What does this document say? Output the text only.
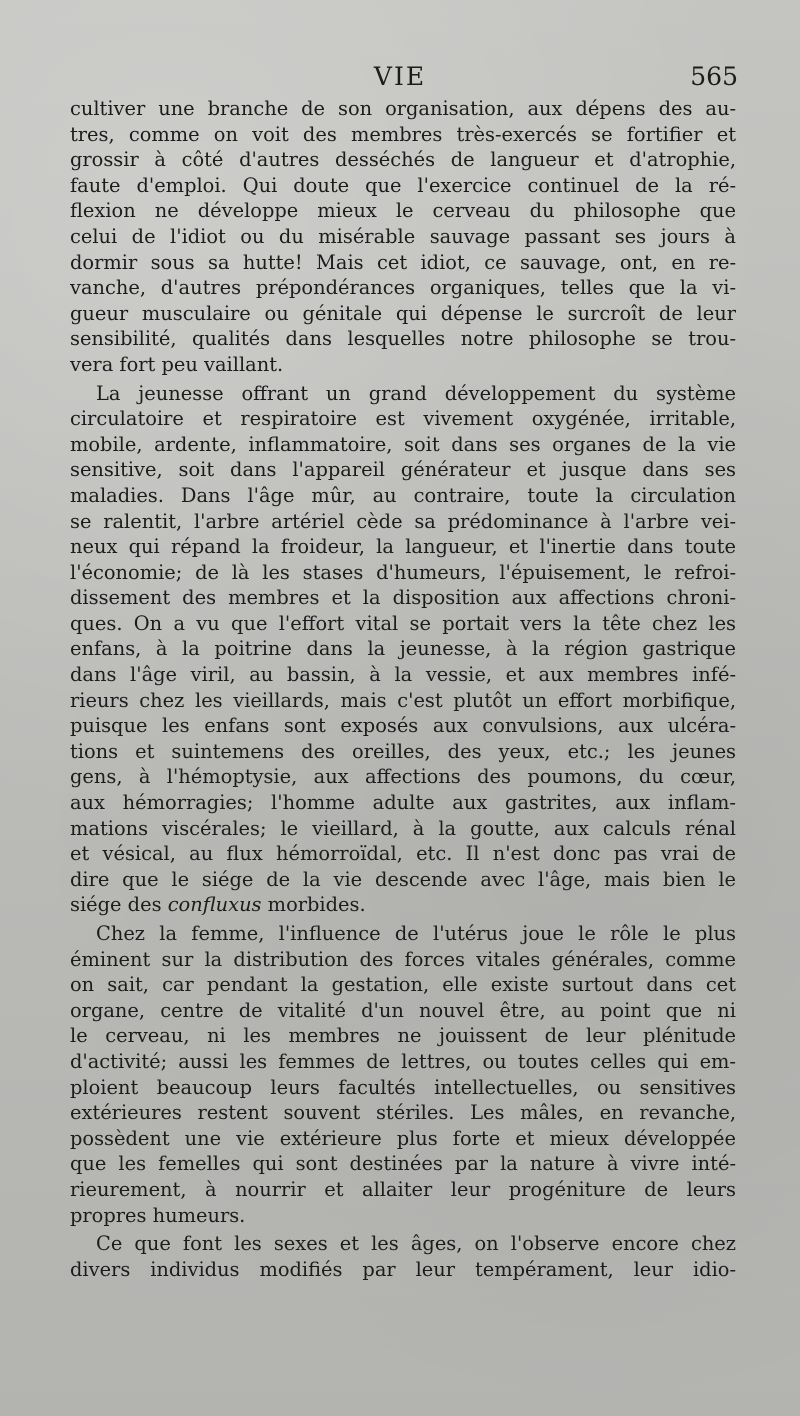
VIE	565
cultiver une branche de son organisation, aux dépens des au-
tres, comme on voit des membres très-exercés se fortifier et
grossir à côté d'autres desséchés de langueur et d'atrophie,
faute d'emploi. Qui doute que l'exercice continuel de la ré-
flexion ne développe mieux le cerveau du philosophe que
celui de l'idiot ou du misérable sauvage passant ses jours à
dormir sous sa hutte! Mais cet idiot, ce sauvage, ont, en re-
vanche, d'autres prépondérances organiques, telles que la vi-
gueur musculaire ou génitale qui dépense le surcroît de leur
sensibilité, qualités dans lesquelles notre philosophe se trou-
vera fort peu vaillant.
La jeunesse offrant un grand développement du système
circulatoire et respiratoire est vivement oxygénée, irritable,
mobile, ardente, inflammatoire, soit dans ses organes de la vie
sensitive, soit dans l'appareil générateur et jusque dans ses
maladies. Dans l'âge mûr, au contraire, toute la circulation
se ralentit, l'arbre artériel cède sa prédominance à l'arbre vei-
neux qui répand la froideur, la langueur, et l'inertie dans toute
l'économie; de là les stases d'humeurs, l'épuisement, le refroi-
dissement des membres et la disposition aux affections chroni-
ques. On a vu que l'effort vital se portait vers la tête chez les
enfans, à la poitrine dans la jeunesse, à la région gastrique
dans l'âge viril, au bassin, à la vessie, et aux membres infé-
rieurs chez les vieillards, mais c'est plutôt un effort morbifique,
puisque les enfans sont exposés aux convulsions, aux ulcéra-
tions et suintemens des oreilles, des yeux, etc.; les jeunes
gens, à l'hémoptysie, aux affections des poumons, du cœur,
aux hémorragies; l'homme adulte aux gastrites, aux inflam-
mations viscérales; le vieillard, à la goutte, aux calculs rénal
et vésical, au flux hémorroïdal, etc. Il n'est donc pas vrai de
dire que le siége de la vie descende avec l'âge, mais bien le
siége des confluxus morbides.
Chez la femme, l'influence de l'utérus joue le rôle le plus
éminent sur la distribution des forces vitales générales, comme
on sait, car pendant la gestation, elle existe surtout dans cet
organe, centre de vitalité d'un nouvel être, au point que ni
le cerveau, ni les membres ne jouissent de leur plénitude
d'activité; aussi les femmes de lettres, ou toutes celles qui em-
ploient beaucoup leurs facultés intellectuelles, ou sensitives
extérieures restent souvent stériles. Les mâles, en revanche,
possèdent une vie extérieure plus forte et mieux développée
que les femelles qui sont destinées par la nature à vivre inté-
rieurement, à nourrir et allaiter leur progéniture de leurs
propres humeurs.
Ce que font les sexes et les âges, on l'observe encore chez
divers individus modifiés par leur tempérament, leur idio-
